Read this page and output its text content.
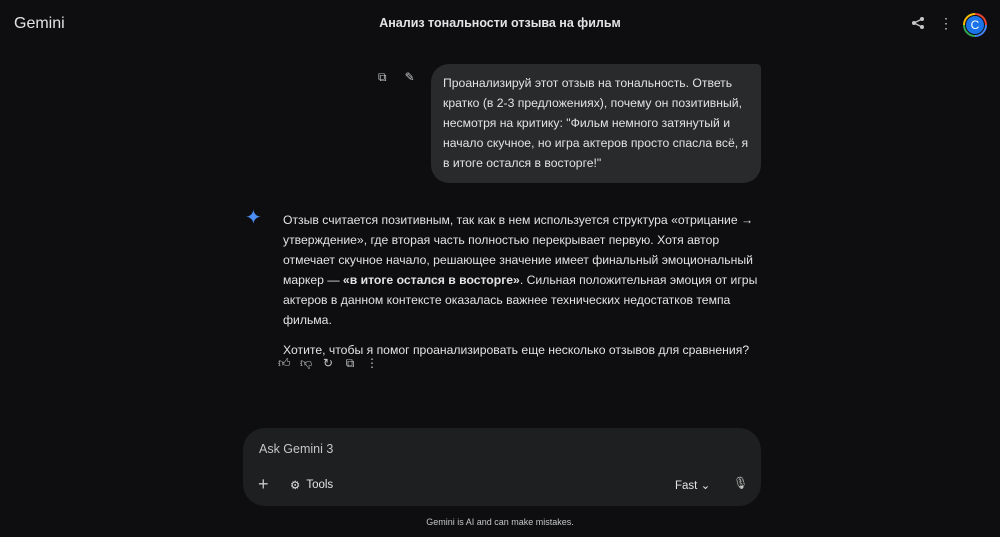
Gemini	Анализ тональности отзыва на фильм	⋮	C
⧉ ✎	Проанализируй этот отзыв на тональность. Ответь кратко (в 2-3 предложениях), почему он позитивный, несмотря на критику: "Фильм немного затянутый и начало скучное, но игра актеров просто спасла всё, я в итоге остался в восторге!"
✦ Отзыв считается позитивным, так как в нем используется структура «отрицание → утверждение», где вторая часть полностью перекрывает первую. Хотя автор отмечает скучное начало, решающее значение имеет финальный эмоциональный маркер — «в итоге остался в восторге». Сильная положительная эмоция от игры актеров в данном контексте оказалась важнее технических недостатков темпа фильма.

Хотите, чтобы я помог проанализировать еще несколько отзывов для сравнения?

👍︎ 👎︎ ↻ ⧉ ⋮
Ask Gemini 3
+ ⚙ Tools	Fast ⌄ 🎙︎
Gemini is AI and can make mistakes.
